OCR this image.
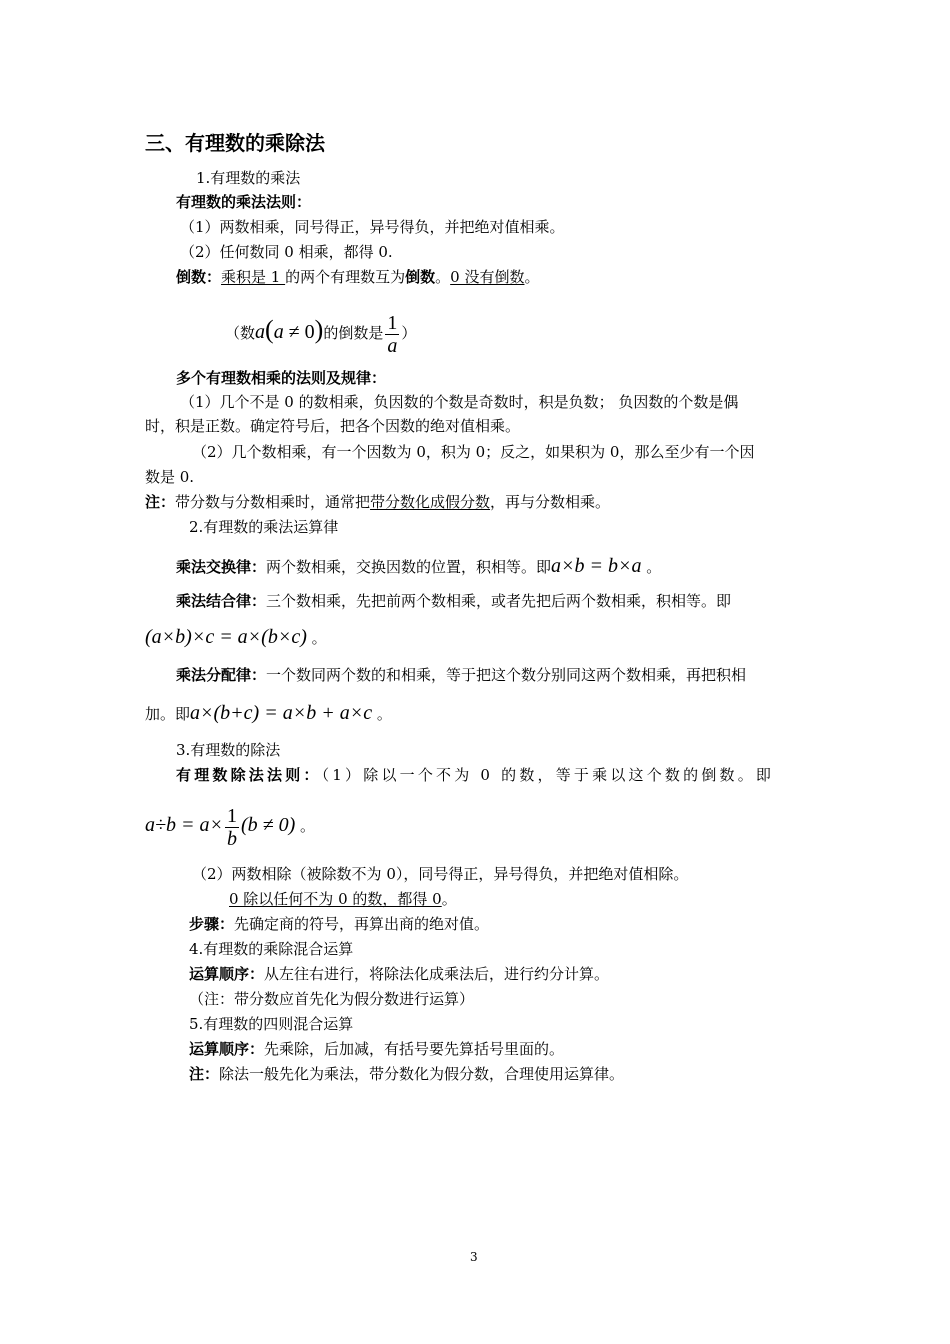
三、有理数的乘除法
1.有理数的乘法
有理数的乘法法则：
（1）两数相乘，同号得正，异号得负，并把绝对值相乘。
（2）任何数同 0 相乘，都得 0.
倒数：乘积是 1 的两个有理数互为倒数。0 没有倒数。
（数a(a ≠ 0)的倒数是 $\frac{1}{a}$ ）
多个有理数相乘的法则及规律：
（1）几个不是 0 的数相乘，负因数的个数是奇数时，积是负数； 负因数的个数是偶
时，积是正数。确定符号后，把各个因数的绝对值相乘。
（2）几个数相乘，有一个因数为 0，积为 0；反之，如果积为 0，那么至少有一个因
数是 0.
注：带分数与分数相乘时，通常把带分数化成假分数，再与分数相乘。
2.有理数的乘法运算律
乘法交换律：两个数相乘，交换因数的位置，积相等。即a×b = b×a 。
乘法结合律：三个数相乘，先把前两个数相乘，或者先把后两个数相乘，积相等。即
(a×b)×c = a×(b×c) 。
乘法分配律：一个数同两个数的和相乘，等于把这个数分别同这两个数相乘，再把积相
加。即a×(b+c) = a×b + a×c 。
3.有理数的除法
有理数除法法则：（1）除以一个不为 0 的数，等于乘以这个数的倒数。即
$a\div b = a\times \frac{1}{b} (b \ne 0)$ 。
（2）两数相除（被除数不为 0），同号得正，异号得负，并把绝对值相除。
0 除以任何不为 0 的数，都得 0。
步骤：先确定商的符号，再算出商的绝对值。
4.有理数的乘除混合运算
运算顺序：从左往右进行，将除法化成乘法后，进行约分计算。
（注：带分数应首先化为假分数进行运算）
5.有理数的四则混合运算
运算顺序：先乘除，后加减，有括号要先算括号里面的。
注：除法一般先化为乘法，带分数化为假分数，合理使用运算律。
3
